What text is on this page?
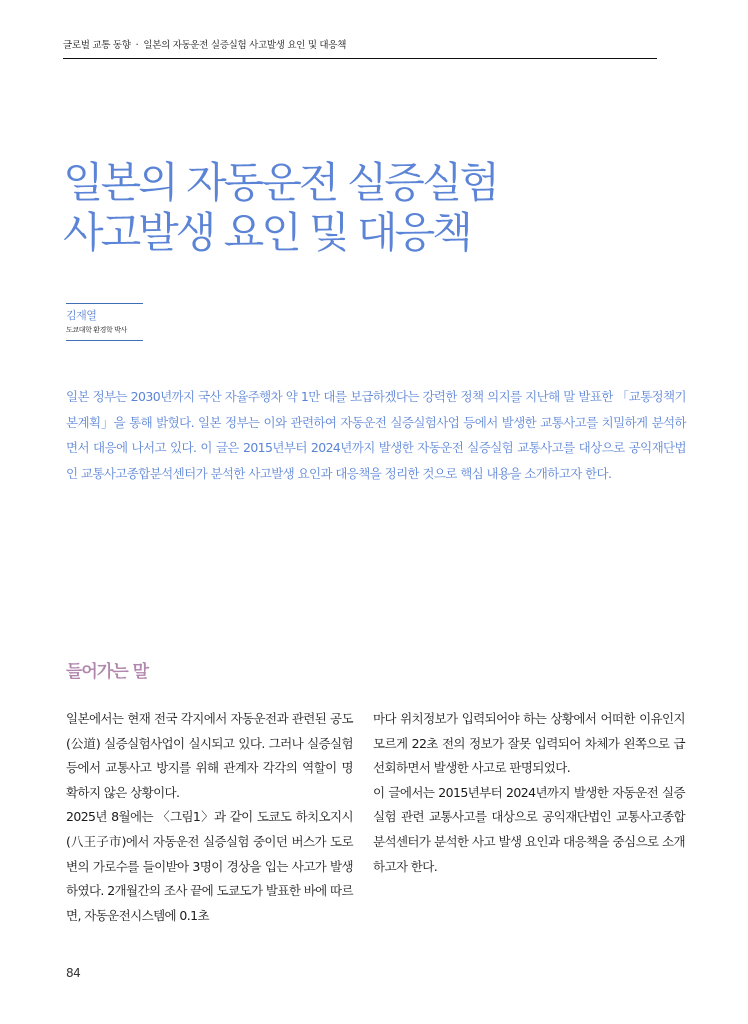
글로벌 교통 동향 · 일본의 자동운전 실증실험 사고발생 요인 및 대응책
일본의 자동운전 실증실험
사고발생 요인 및 대응책
김재열
도쿄대학 환경학 박사

일본 정부는 2030년까지 국산 자율주행차 약 1만 대를 보급하겠다는 강력한 정책 의지를 지난해 말 발표한 「교통정책기본계획」을 통해 밝혔다. 일본 정부는 이와 관련하여 자동운전 실증실험사업 등에서 발생한 교통사고를 치밀하게 분석하면서 대응에 나서고 있다. 이 글은 2015년부터 2024년까지 발생한 자동운전 실증실험 교통사고를 대상으로 공익재단법인 교통사고종합분석센터가 분석한 사고발생 요인과 대응책을 정리한 것으로 핵심 내용을 소개하고자 한다.

들어가는 말

일본에서는 현재 전국 각지에서 자동운전과 관련된 공도(公道) 실증실험사업이 실시되고 있다. 그러나 실증실험 등에서 교통사고 방지를 위해 관계자 각각의 역할이 명확하지 않은 상황이다.

2025년 8월에는 〈그림1〉과 같이 도쿄도 하치오지시(八王子市)에서 자동운전 실증실험 중이던 버스가 도로변의 가로수를 들이받아 3명이 경상을 입는 사고가 발생하였다. 2개월간의 조사 끝에 도쿄도가 발표한 바에 따르면, 자동운전시스템에 0.1초

마다 위치정보가 입력되어야 하는 상황에서 어떠한 이유인지 모르게 22초 전의 정보가 잘못 입력되어 차체가 왼쪽으로 급선회하면서 발생한 사고로 판명되었다.

이 글에서는 2015년부터 2024년까지 발생한 자동운전 실증실험 관련 교통사고를 대상으로 공익재단법인 교통사고종합분석센터가 분석한 사고 발생 요인과 대응책을 중심으로 소개하고자 한다.

84
